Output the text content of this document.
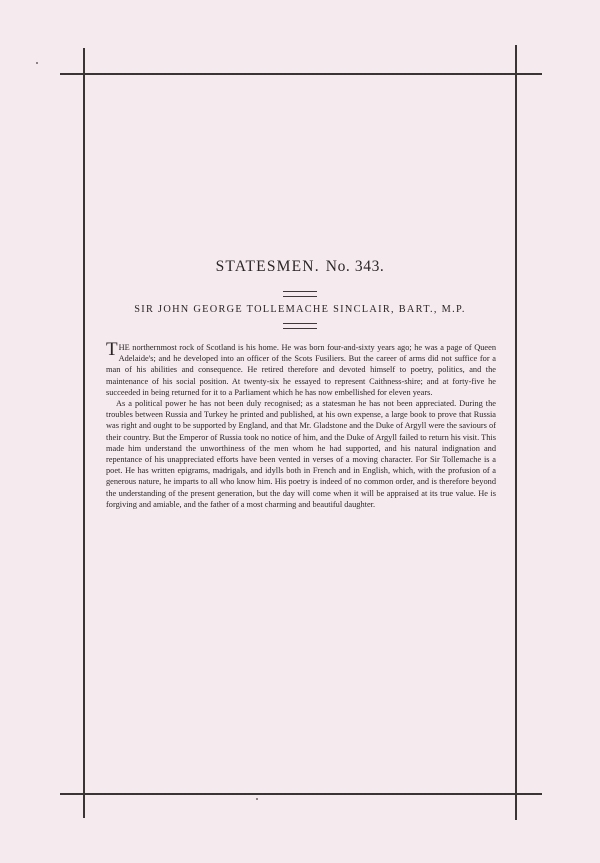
STATESMEN. No. 343.
SIR JOHN GEORGE TOLLEMACHE SINCLAIR, BART., M.P.

THE northernmost rock of Scotland is his home. He was born four-and-sixty years ago; he was a page of Queen Adelaide's; and he developed into an officer of the Scots Fusiliers. But the career of arms did not suffice for a man of his abilities and consequence. He retired therefore and devoted himself to poetry, politics, and the maintenance of his social position. At twenty-six he essayed to represent Caithness-shire; and at forty-five he succeeded in being returned for it to a Parliament which he has now embellished for eleven years.

As a political power he has not been duly recognised; as a statesman he has not been appreciated. During the troubles between Russia and Turkey he printed and published, at his own expense, a large book to prove that Russia was right and ought to be supported by England, and that Mr. Gladstone and the Duke of Argyll were the saviours of their country. But the Emperor of Russia took no notice of him, and the Duke of Argyll failed to return his visit. This made him understand the unworthiness of the men whom he had supported, and his natural indignation and repentance of his unappreciated efforts have been vented in verses of a moving character. For Sir Tollemache is a poet. He has written epigrams, madrigals, and idylls both in French and in English, which, with the profusion of a generous nature, he imparts to all who know him. His poetry is indeed of no common order, and is therefore beyond the understanding of the present generation, but the day will come when it will be appraised at its true value. He is forgiving and amiable, and the father of a most charming and beautiful daughter.
